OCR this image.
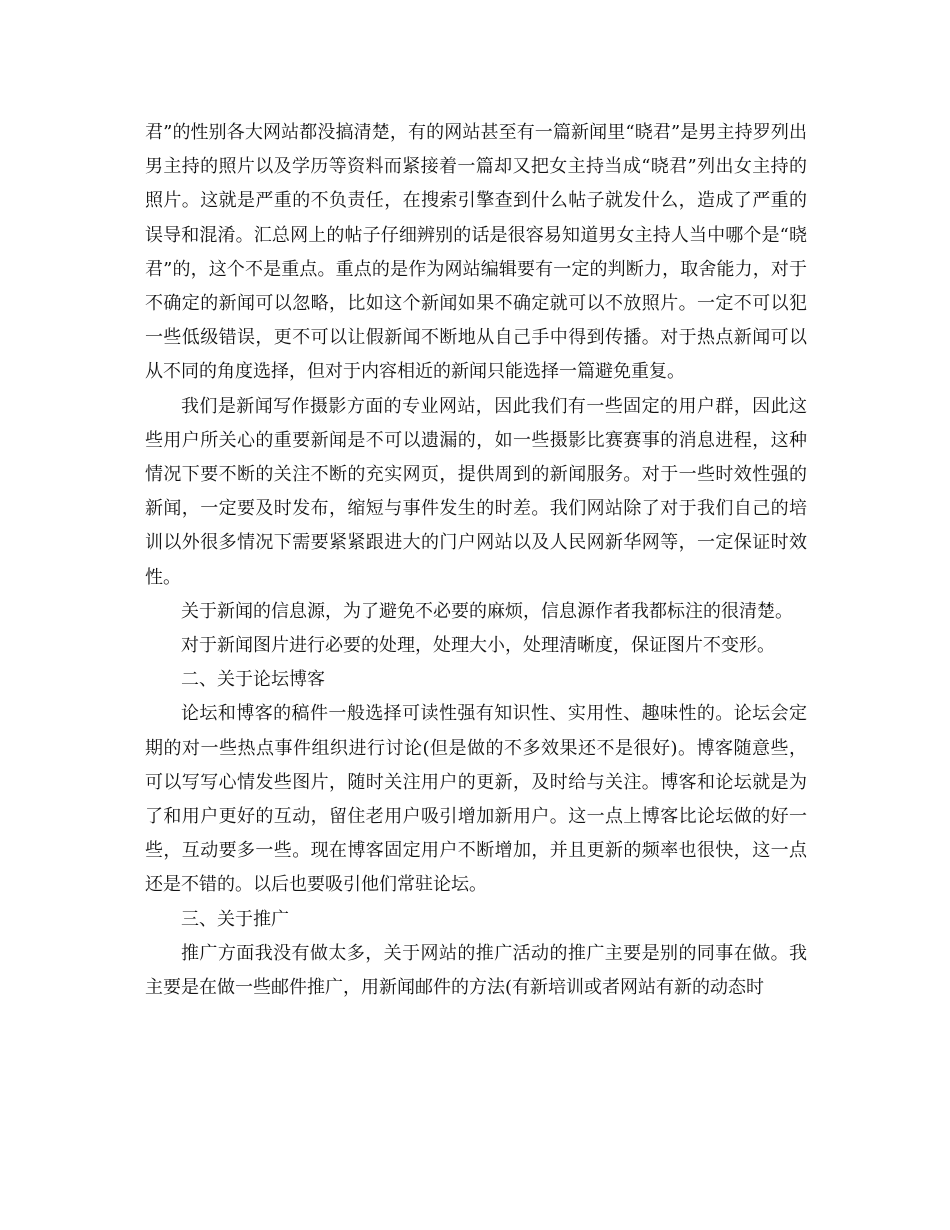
君”的性别各大网站都没搞清楚，有的网站甚至有一篇新闻里“晓君”是男主持罗列出男主持的照片以及学历等资料而紧接着一篇却又把女主持当成“晓君”列出女主持的照片。这就是严重的不负责任，在搜索引擎查到什么帖子就发什么，造成了严重的误导和混淆。汇总网上的帖子仔细辨别的话是很容易知道男女主持人当中哪个是“晓君”的，这个不是重点。重点的是作为网站编辑要有一定的判断力，取舍能力，对于不确定的新闻可以忽略，比如这个新闻如果不确定就可以不放照片。一定不可以犯一些低级错误，更不可以让假新闻不断地从自己手中得到传播。对于热点新闻可以从不同的角度选择，但对于内容相近的新闻只能选择一篇避免重复。

我们是新闻写作摄影方面的专业网站，因此我们有一些固定的用户群，因此这些用户所关心的重要新闻是不可以遗漏的，如一些摄影比赛赛事的消息进程，这种情况下要不断的关注不断的充实网页，提供周到的新闻服务。对于一些时效性强的新闻，一定要及时发布，缩短与事件发生的时差。我们网站除了对于我们自己的培训以外很多情况下需要紧紧跟进大的门户网站以及人民网新华网等，一定保证时效性。

关于新闻的信息源，为了避免不必要的麻烦，信息源作者我都标注的很清楚。

对于新闻图片进行必要的处理，处理大小，处理清晰度，保证图片不变形。

二、关于论坛博客

论坛和博客的稿件一般选择可读性强有知识性、实用性、趣味性的。论坛会定期的对一些热点事件组织进行讨论(但是做的不多效果还不是很好)。博客随意些，可以写写心情发些图片，随时关注用户的更新，及时给与关注。博客和论坛就是为了和用户更好的互动，留住老用户吸引增加新用户。这一点上博客比论坛做的好一些，互动要多一些。现在博客固定用户不断增加，并且更新的频率也很快，这一点还是不错的。以后也要吸引他们常驻论坛。

三、关于推广

推广方面我没有做太多，关于网站的推广活动的推广主要是别的同事在做。我主要是在做一些邮件推广，用新闻邮件的方法(有新培训或者网站有新的动态时
